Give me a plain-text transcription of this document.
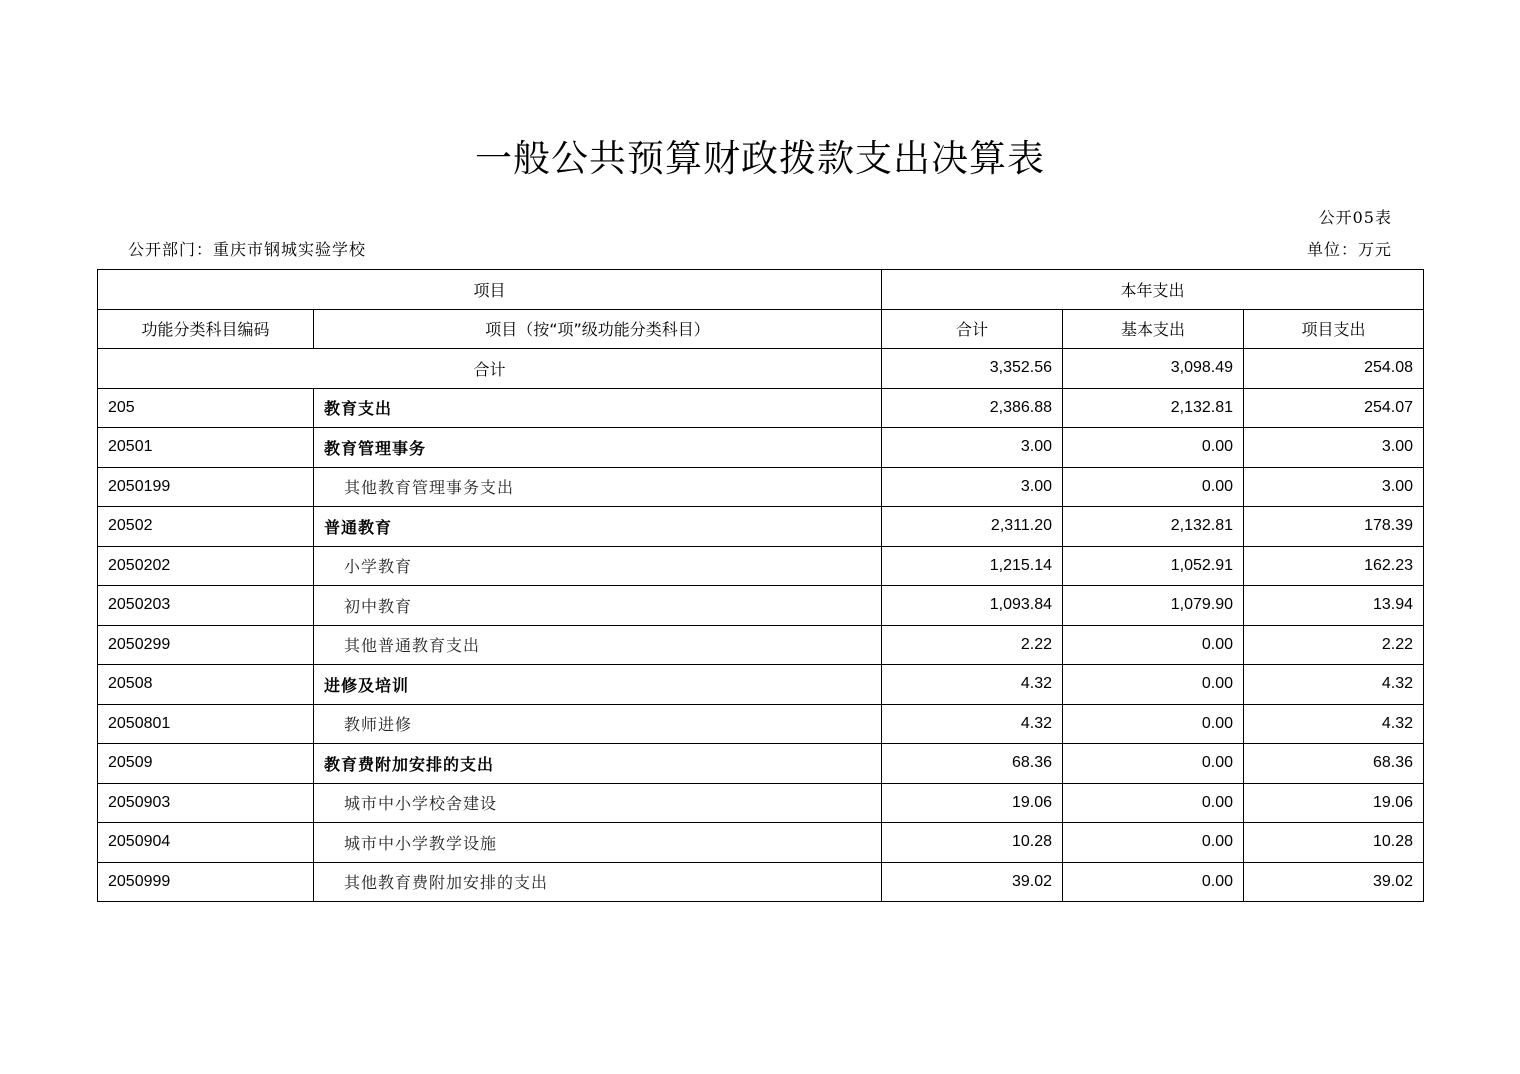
一般公共预算财政拨款支出决算表
公开05表
公开部门：重庆市钢城实验学校	单位：万元
项目		本年支出		
功能分类科目编码	项目（按“项”级功能分类科目）	合计	基本支出	项目支出
合计		3,352.56	3,098.49	254.08
205	教育支出	2,386.88	2,132.81	254.07
20501	教育管理事务	3.00	0.00	3.00
2050199	其他教育管理事务支出	3.00	0.00	3.00
20502	普通教育	2,311.20	2,132.81	178.39
2050202	小学教育	1,215.14	1,052.91	162.23
2050203	初中教育	1,093.84	1,079.90	13.94
2050299	其他普通教育支出	2.22	0.00	2.22
20508	进修及培训	4.32	0.00	4.32
2050801	教师进修	4.32	0.00	4.32
20509	教育费附加安排的支出	68.36	0.00	68.36
2050903	城市中小学校舍建设	19.06	0.00	19.06
2050904	城市中小学教学设施	10.28	0.00	10.28
2050999	其他教育费附加安排的支出	39.02	0.00	39.02
